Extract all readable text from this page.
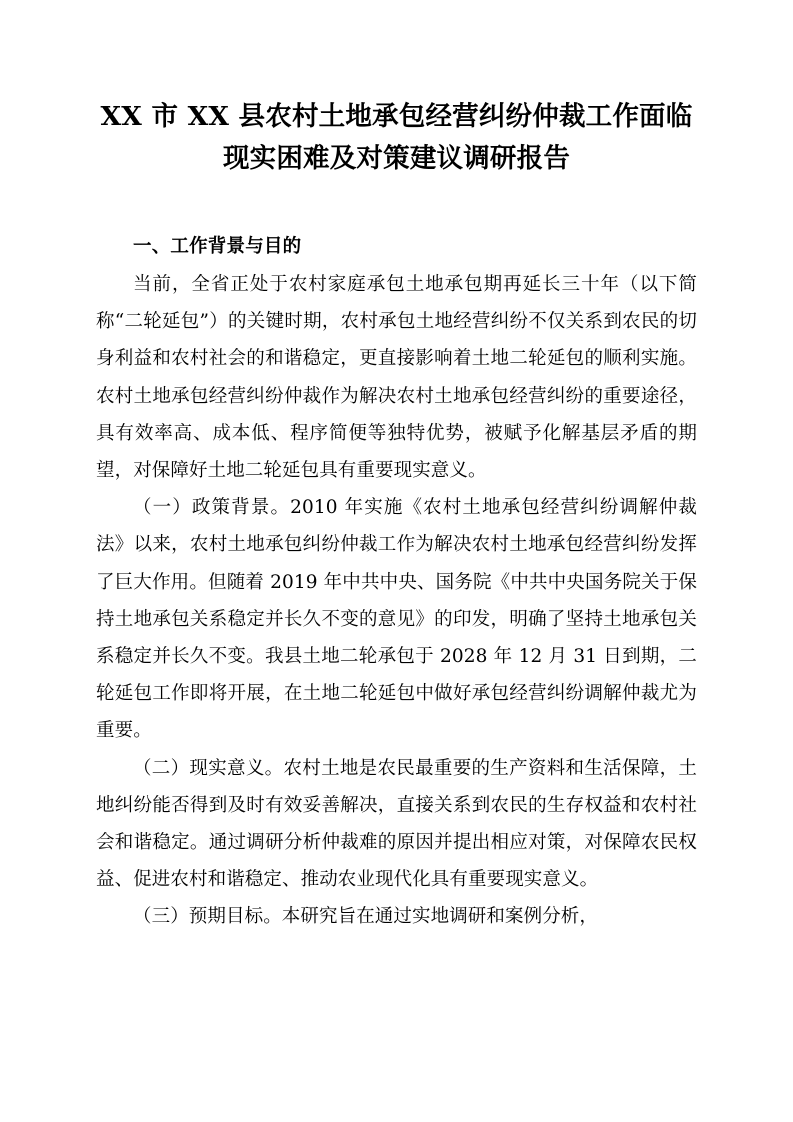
XX 市 XX 县农村土地承包经营纠纷仲裁工作面临现实困难及对策建议调研报告
一、工作背景与目的

当前，全省正处于农村家庭承包土地承包期再延长三十年（以下简称“二轮延包”）的关键时期，农村承包土地经营纠纷不仅关系到农民的切身利益和农村社会的和谐稳定，更直接影响着土地二轮延包的顺利实施。农村土地承包经营纠纷仲裁作为解决农村土地承包经营纠纷的重要途径，具有效率高、成本低、程序简便等独特优势，被赋予化解基层矛盾的期望，对保障好土地二轮延包具有重要现实意义。

（一）政策背景。2010 年实施《农村土地承包经营纠纷调解仲裁法》以来，农村土地承包纠纷仲裁工作为解决农村土地承包经营纠纷发挥了巨大作用。但随着 2019 年中共中央、国务院《中共中央国务院关于保持土地承包关系稳定并长久不变的意见》的印发，明确了坚持土地承包关系稳定并长久不变。我县土地二轮承包于 2028 年 12 月 31 日到期，二轮延包工作即将开展，在土地二轮延包中做好承包经营纠纷调解仲裁尤为重要。

（二）现实意义。农村土地是农民最重要的生产资料和生活保障，土地纠纷能否得到及时有效妥善解决，直接关系到农民的生存权益和农村社会和谐稳定。通过调研分析仲裁难的原因并提出相应对策，对保障农民权益、促进农村和谐稳定、推动农业现代化具有重要现实意义。

（三）预期目标。本研究旨在通过实地调研和案例分析，
